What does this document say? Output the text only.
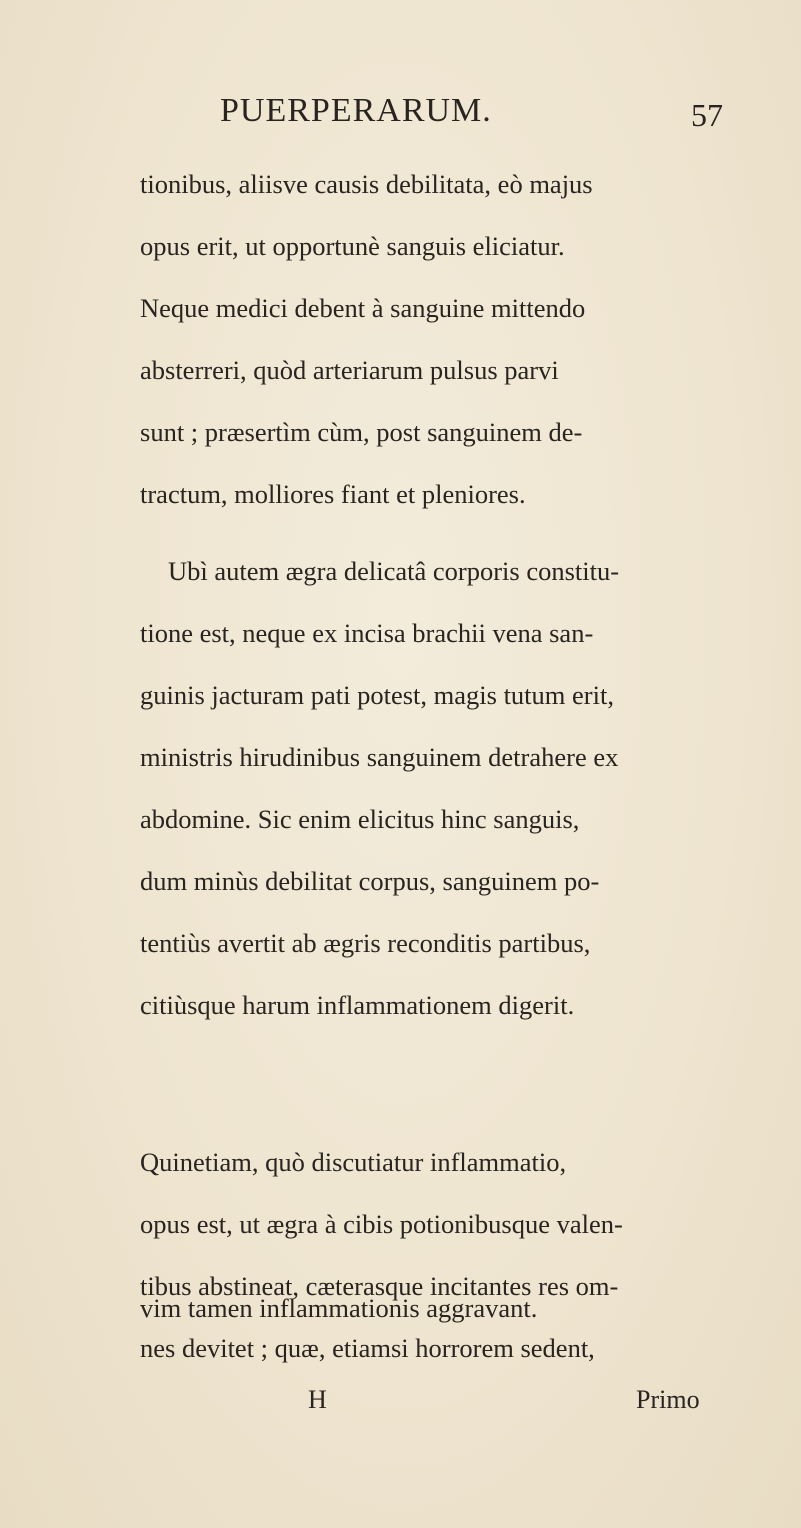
PUERPERARUM.	57
tionibus, aliisve causis debilitata, eò majus
opus erit, ut opportunè sanguis eliciatur.
Neque medici debent à sanguine mittendo
absterreri, quòd arteriarum pulsus parvi
sunt ; præsertìm cùm, post sanguinem de-
tractum, molliores fiant et pleniores.
Ubì autem ægra delicatâ corporis constitu-
tione est, neque ex incisa brachii vena san-
guinis jacturam pati potest, magis tutum erit,
ministris hirudinibus sanguinem detrahere ex
abdomine. Sic enim elicitus hinc sanguis,
dum minùs debilitat corpus, sanguinem po-
tentiùs avertit ab ægris reconditis partibus,
citiùsque harum inflammationem digerit.
Quinetiam, quò discutiatur inflammatio,
opus est, ut ægra à cibis potionibusque valen-
tibus abstineat, cæterasque incitantes res om-
nes devitet ; quæ, etiamsi horrorem sedent,
vim tamen inflammationis aggravant.
H	Primo
